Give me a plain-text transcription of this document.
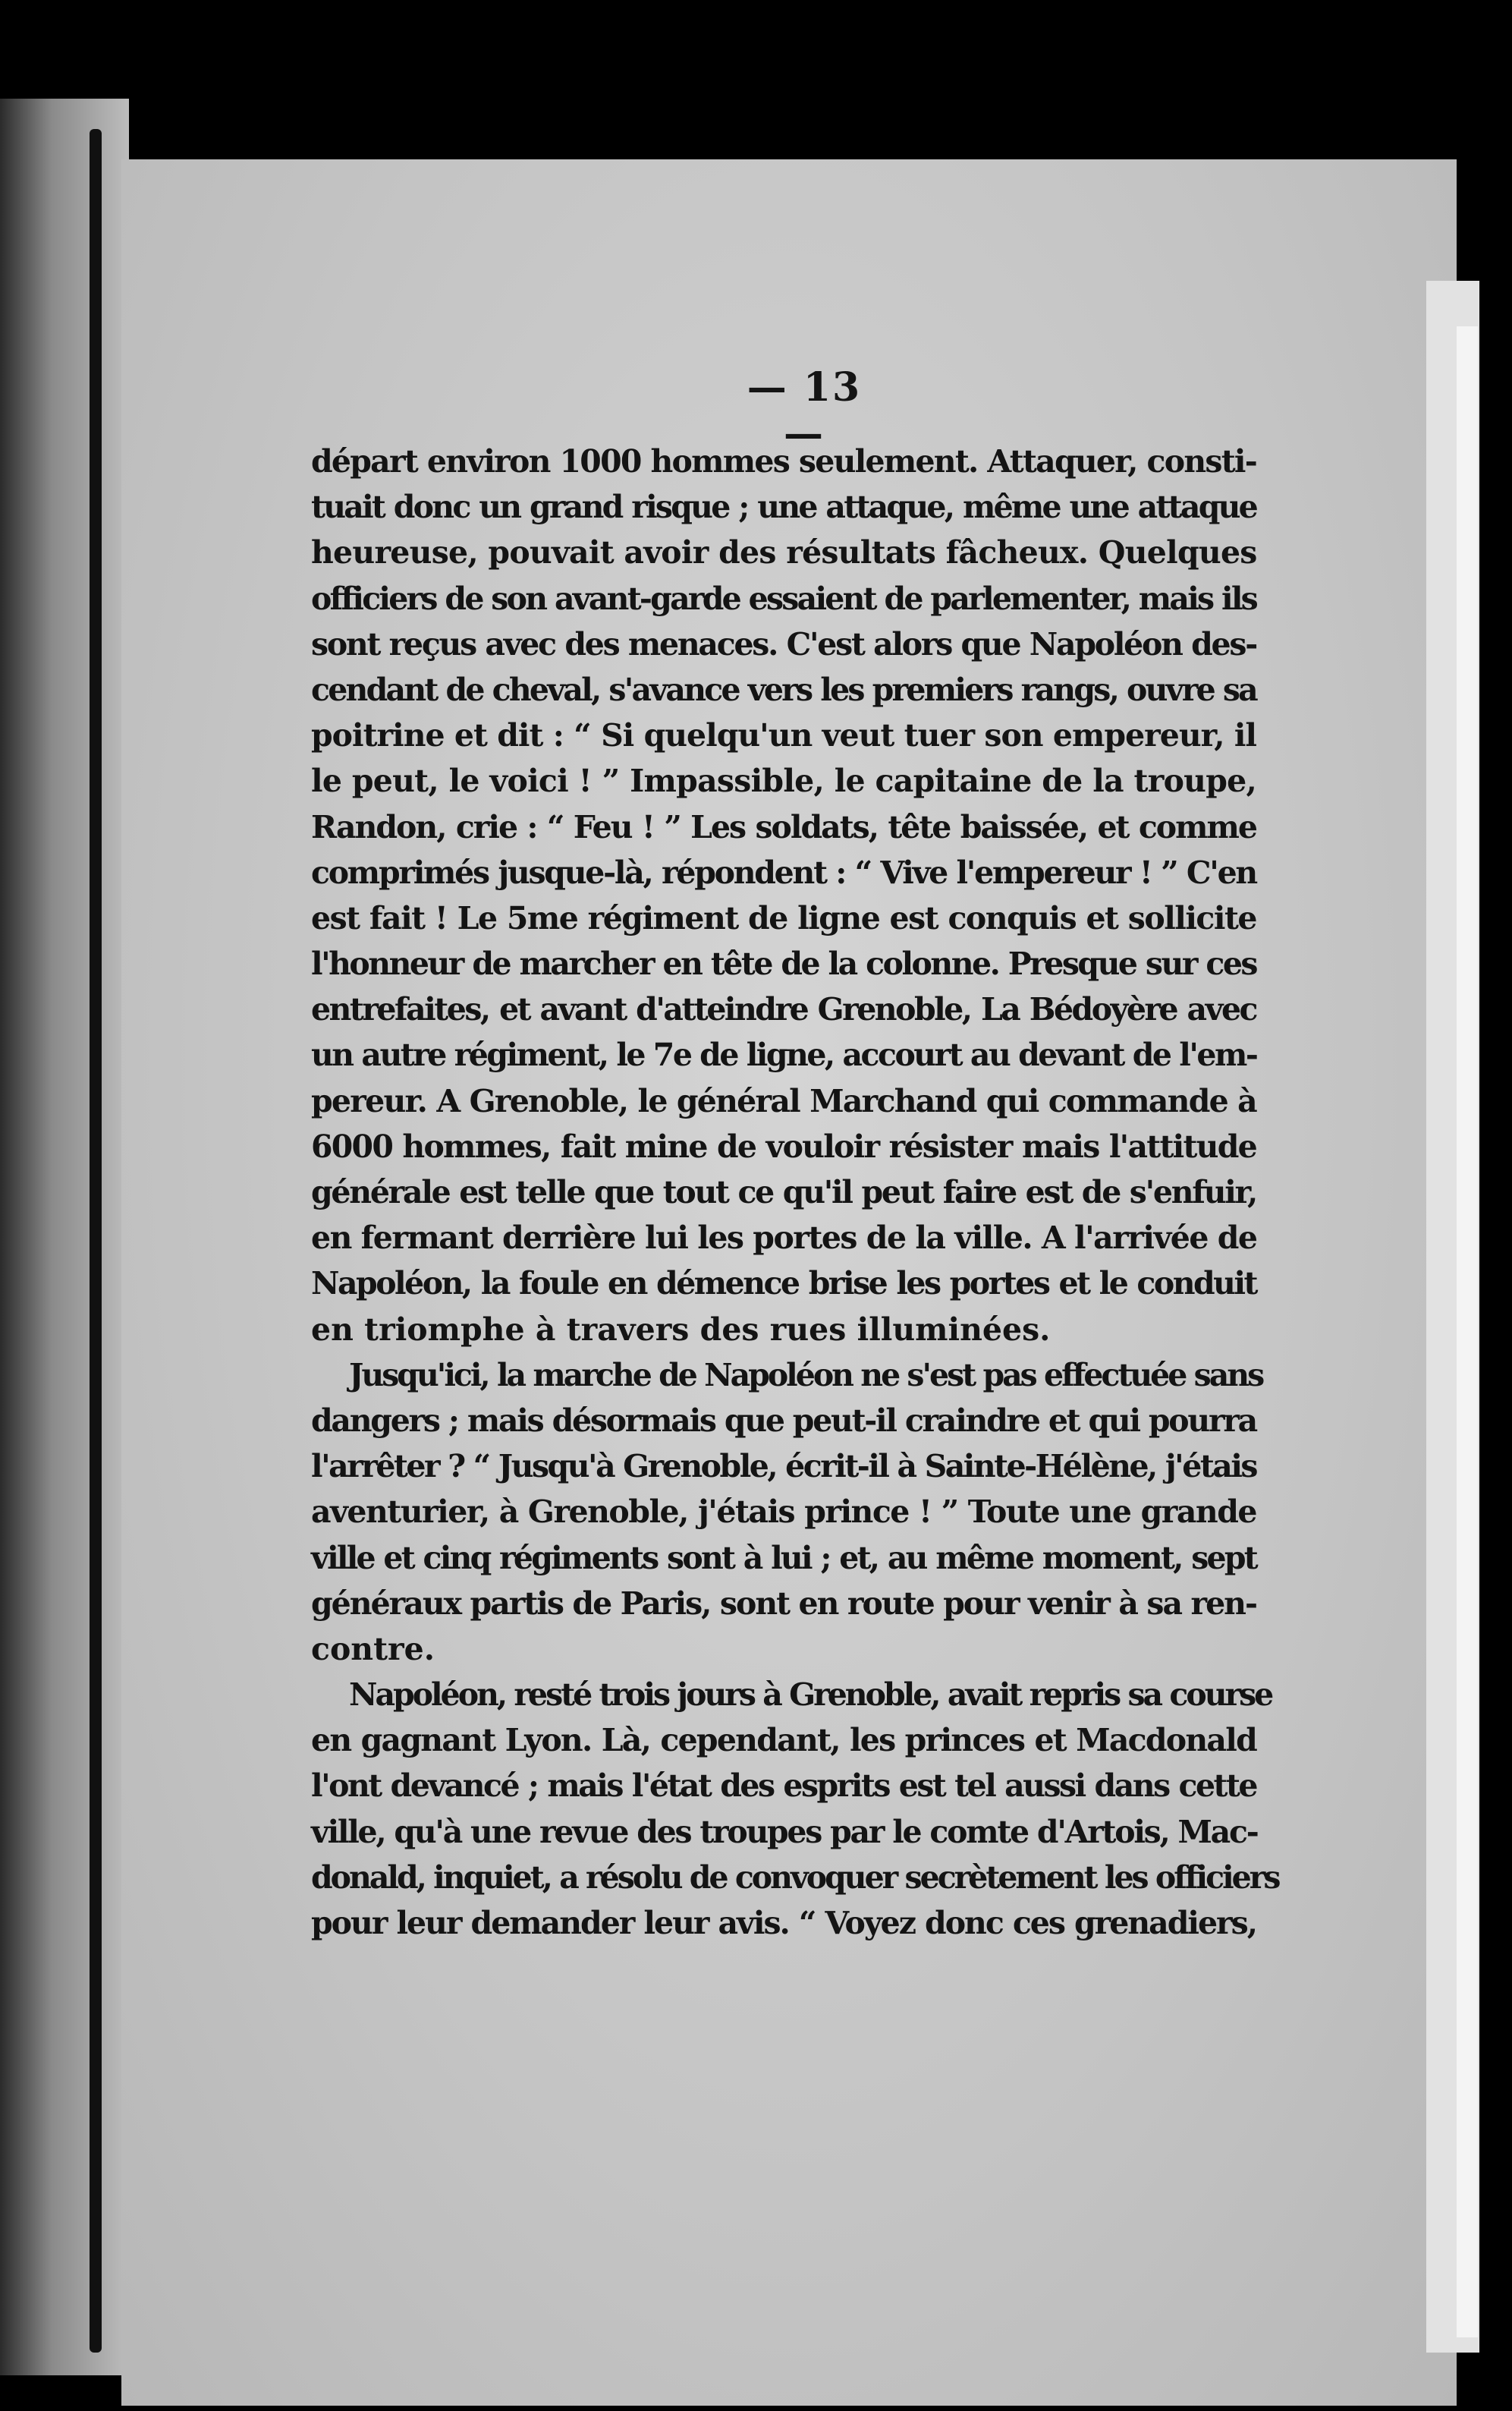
— 13 —
départ environ 1000 hommes seulement. Attaquer, consti-
tuait donc un grand risque ; une attaque, même une attaque
heureuse, pouvait avoir des résultats fâcheux. Quelques
officiers de son avant-garde essaient de parlementer, mais ils
sont reçus avec des menaces. C'est alors que Napoléon des-
cendant de cheval, s'avance vers les premiers rangs, ouvre sa
poitrine et dit : “ Si quelqu'un veut tuer son empereur, il
le peut, le voici ! ” Impassible, le capitaine de la troupe,
Randon, crie : “ Feu ! ” Les soldats, tête baissée, et comme
comprimés jusque-là, répondent : “ Vive l'empereur ! ” C'en
est fait ! Le 5me régiment de ligne est conquis et sollicite
l'honneur de marcher en tête de la colonne. Presque sur ces
entrefaites, et avant d'atteindre Grenoble, La Bédoyère avec
un autre régiment, le 7e de ligne, accourt au devant de l'em-
pereur. A Grenoble, le général Marchand qui commande à
6000 hommes, fait mine de vouloir résister mais l'attitude
générale est telle que tout ce qu'il peut faire est de s'enfuir,
en fermant derrière lui les portes de la ville. A l'arrivée de
Napoléon, la foule en démence brise les portes et le conduit
en triomphe à travers des rues illuminées.
Jusqu'ici, la marche de Napoléon ne s'est pas effectuée sans
dangers ; mais désormais que peut-il craindre et qui pourra
l'arrêter ? “ Jusqu'à Grenoble, écrit-il à Sainte-Hélène, j'étais
aventurier, à Grenoble, j'étais prince ! ” Toute une grande
ville et cinq régiments sont à lui ; et, au même moment, sept
généraux partis de Paris, sont en route pour venir à sa ren-
contre.
Napoléon, resté trois jours à Grenoble, avait repris sa course
en gagnant Lyon. Là, cependant, les princes et Macdonald
l'ont devancé ; mais l'état des esprits est tel aussi dans cette
ville, qu'à une revue des troupes par le comte d'Artois, Mac-
donald, inquiet, a résolu de convoquer secrètement les officiers
pour leur demander leur avis. “ Voyez donc ces grenadiers,
